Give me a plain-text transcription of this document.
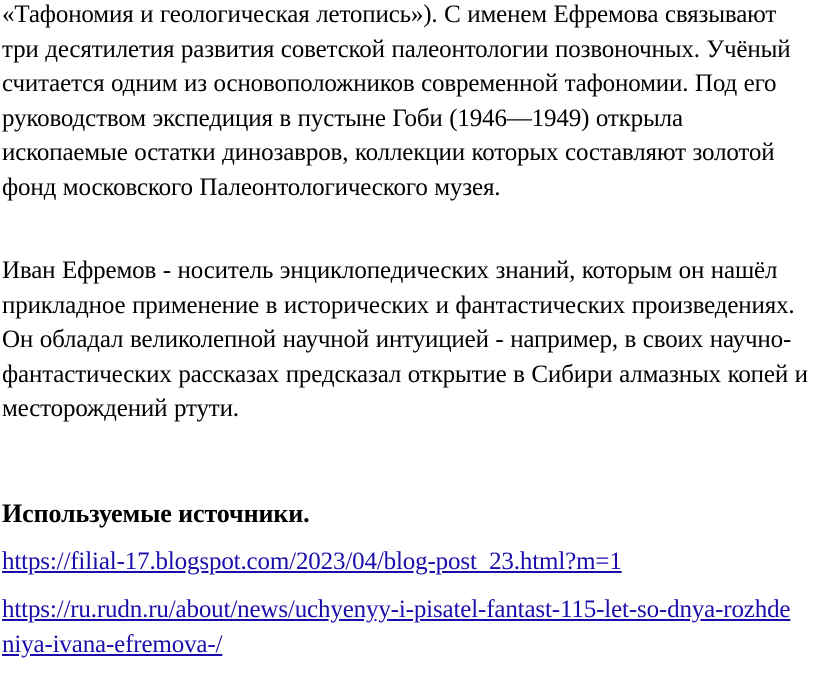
«Тафономия и геологическая летопись»). С именем Ефремова связывают три десятилетия развития советской палеонтологии позвоночных. Учёный считается одним из основоположников современной тафономии. Под его руководством экспедиция в пустыне Гоби (1946—1949) открыла ископаемые остатки динозавров, коллекции которых составляют золотой фонд московского Палеонтологического музея.

Иван Ефремов - носитель энциклопедических знаний, которым он нашёл прикладное применение в исторических и фантастических произведениях. Он обладал великолепной научной интуицией - например, в своих научно-фантастических рассказах предсказал открытие в Сибири алмазных копей и месторождений ртути.

Используемые источники.
https://filial-17.blogspot.com/2023/04/blog-post_23.html?m=1
https://ru.rudn.ru/about/news/uchyenyy-i-pisatel-fantast-115-let-so-dnya-rozhdeniya-ivana-efremova-/
